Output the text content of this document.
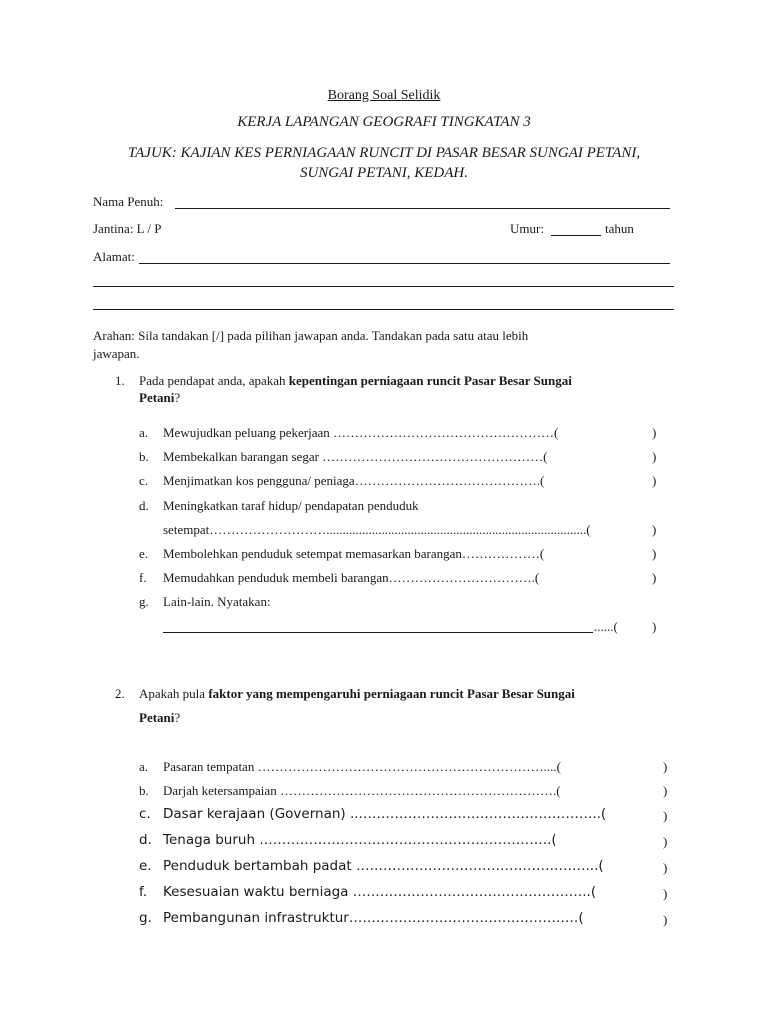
Borang Soal Selidik
KERJA LAPANGAN GEOGRAFI TINGKATAN 3
TAJUK: KAJIAN KES PERNIAGAAN RUNCIT DI PASAR BESAR SUNGAI PETANI,
SUNGAI PETANI, KEDAH.
Nama Penuh:
Jantina: L / P	Umur:	tahun
Alamat:
Arahan: Sila tandakan [/] pada pilihan jawapan anda. Tandakan pada satu atau lebih
jawapan.
1. Pada pendapat anda, apakah kepentingan perniagaan runcit Pasar Besar Sungai
Petani?
a. Mewujudkan peluang pekerjaan ……………………………………………(	)
b. Membekalkan barangan segar ……………………………………………(	)
c. Menjimatkan kos pengguna/ peniaga…………………………………….(	)
d. Meningkatkan taraf hidup/ pendapatan penduduk
setempat………………………................................................................................(	)
e. Membolehkan penduduk setempat memasarkan barangan………………(	)
f. Memudahkan penduduk membeli barangan…………………………….(	)
g. Lain-lain. Nyatakan:
......(	)
2. Apakah pula faktor yang mempengaruhi perniagaan runcit Pasar Besar Sungai
Petani?
a. Pasaran tempatan …………………………………………………………....(	)
b. Darjah ketersampaian ……………………………………………………….(	)
c. Dasar kerajaan (Governan) ...……………………………………………..(	)
d. Tenaga buruh ………………………………………………………..(	)
e. Penduduk bertambah padat ……………………………………………...(	)
f. Kesesuaian waktu berniaga ……………………………………………..(	)
g. Pembangunan infrastruktur……………………………………………(	)
